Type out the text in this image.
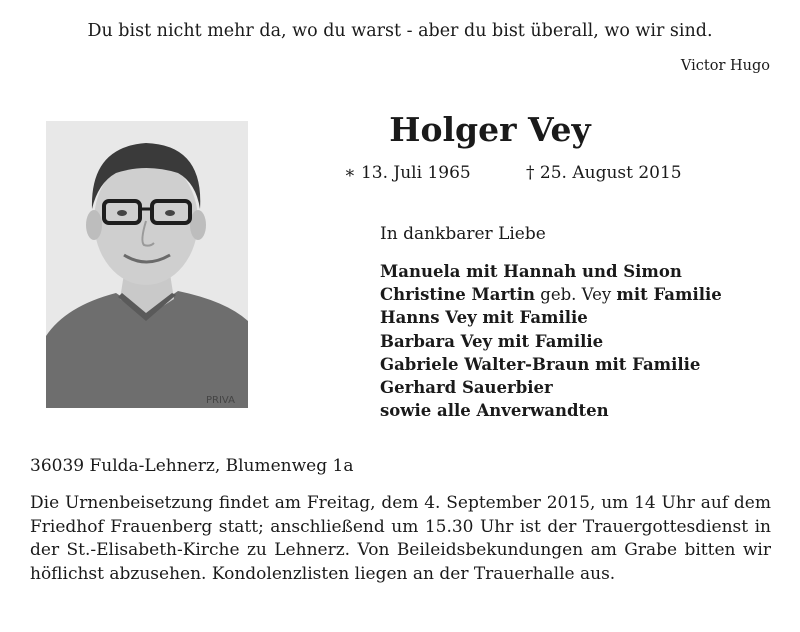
Du bist nicht mehr da, wo du warst - aber du bist überall, wo wir sind.
Victor Hugo
PRIVA
Holger Vey
∗ 13. Juli 1965	† 25. August 2015
In dankbarer Liebe
Manuela mit Hannah und Simon
Christine Martin geb. Vey mit Familie
Hanns Vey mit Familie
Barbara Vey mit Familie
Gabriele Walter-Braun mit Familie
Gerhard Sauerbier
sowie alle Anverwandten
36039 Fulda-Lehnerz, Blumenweg 1a
Die Urnenbeisetzung findet am Freitag, dem 4. September 2015, um 14 Uhr auf dem Friedhof Frauenberg statt; anschließend um 15.30 Uhr ist der Trauergottesdienst in der St.-Elisabeth-Kirche zu Lehnerz. Von Beileidsbekundungen am Grabe bitten wir höflichst abzusehen. Kondolenzlisten liegen an der Trauerhalle aus.
